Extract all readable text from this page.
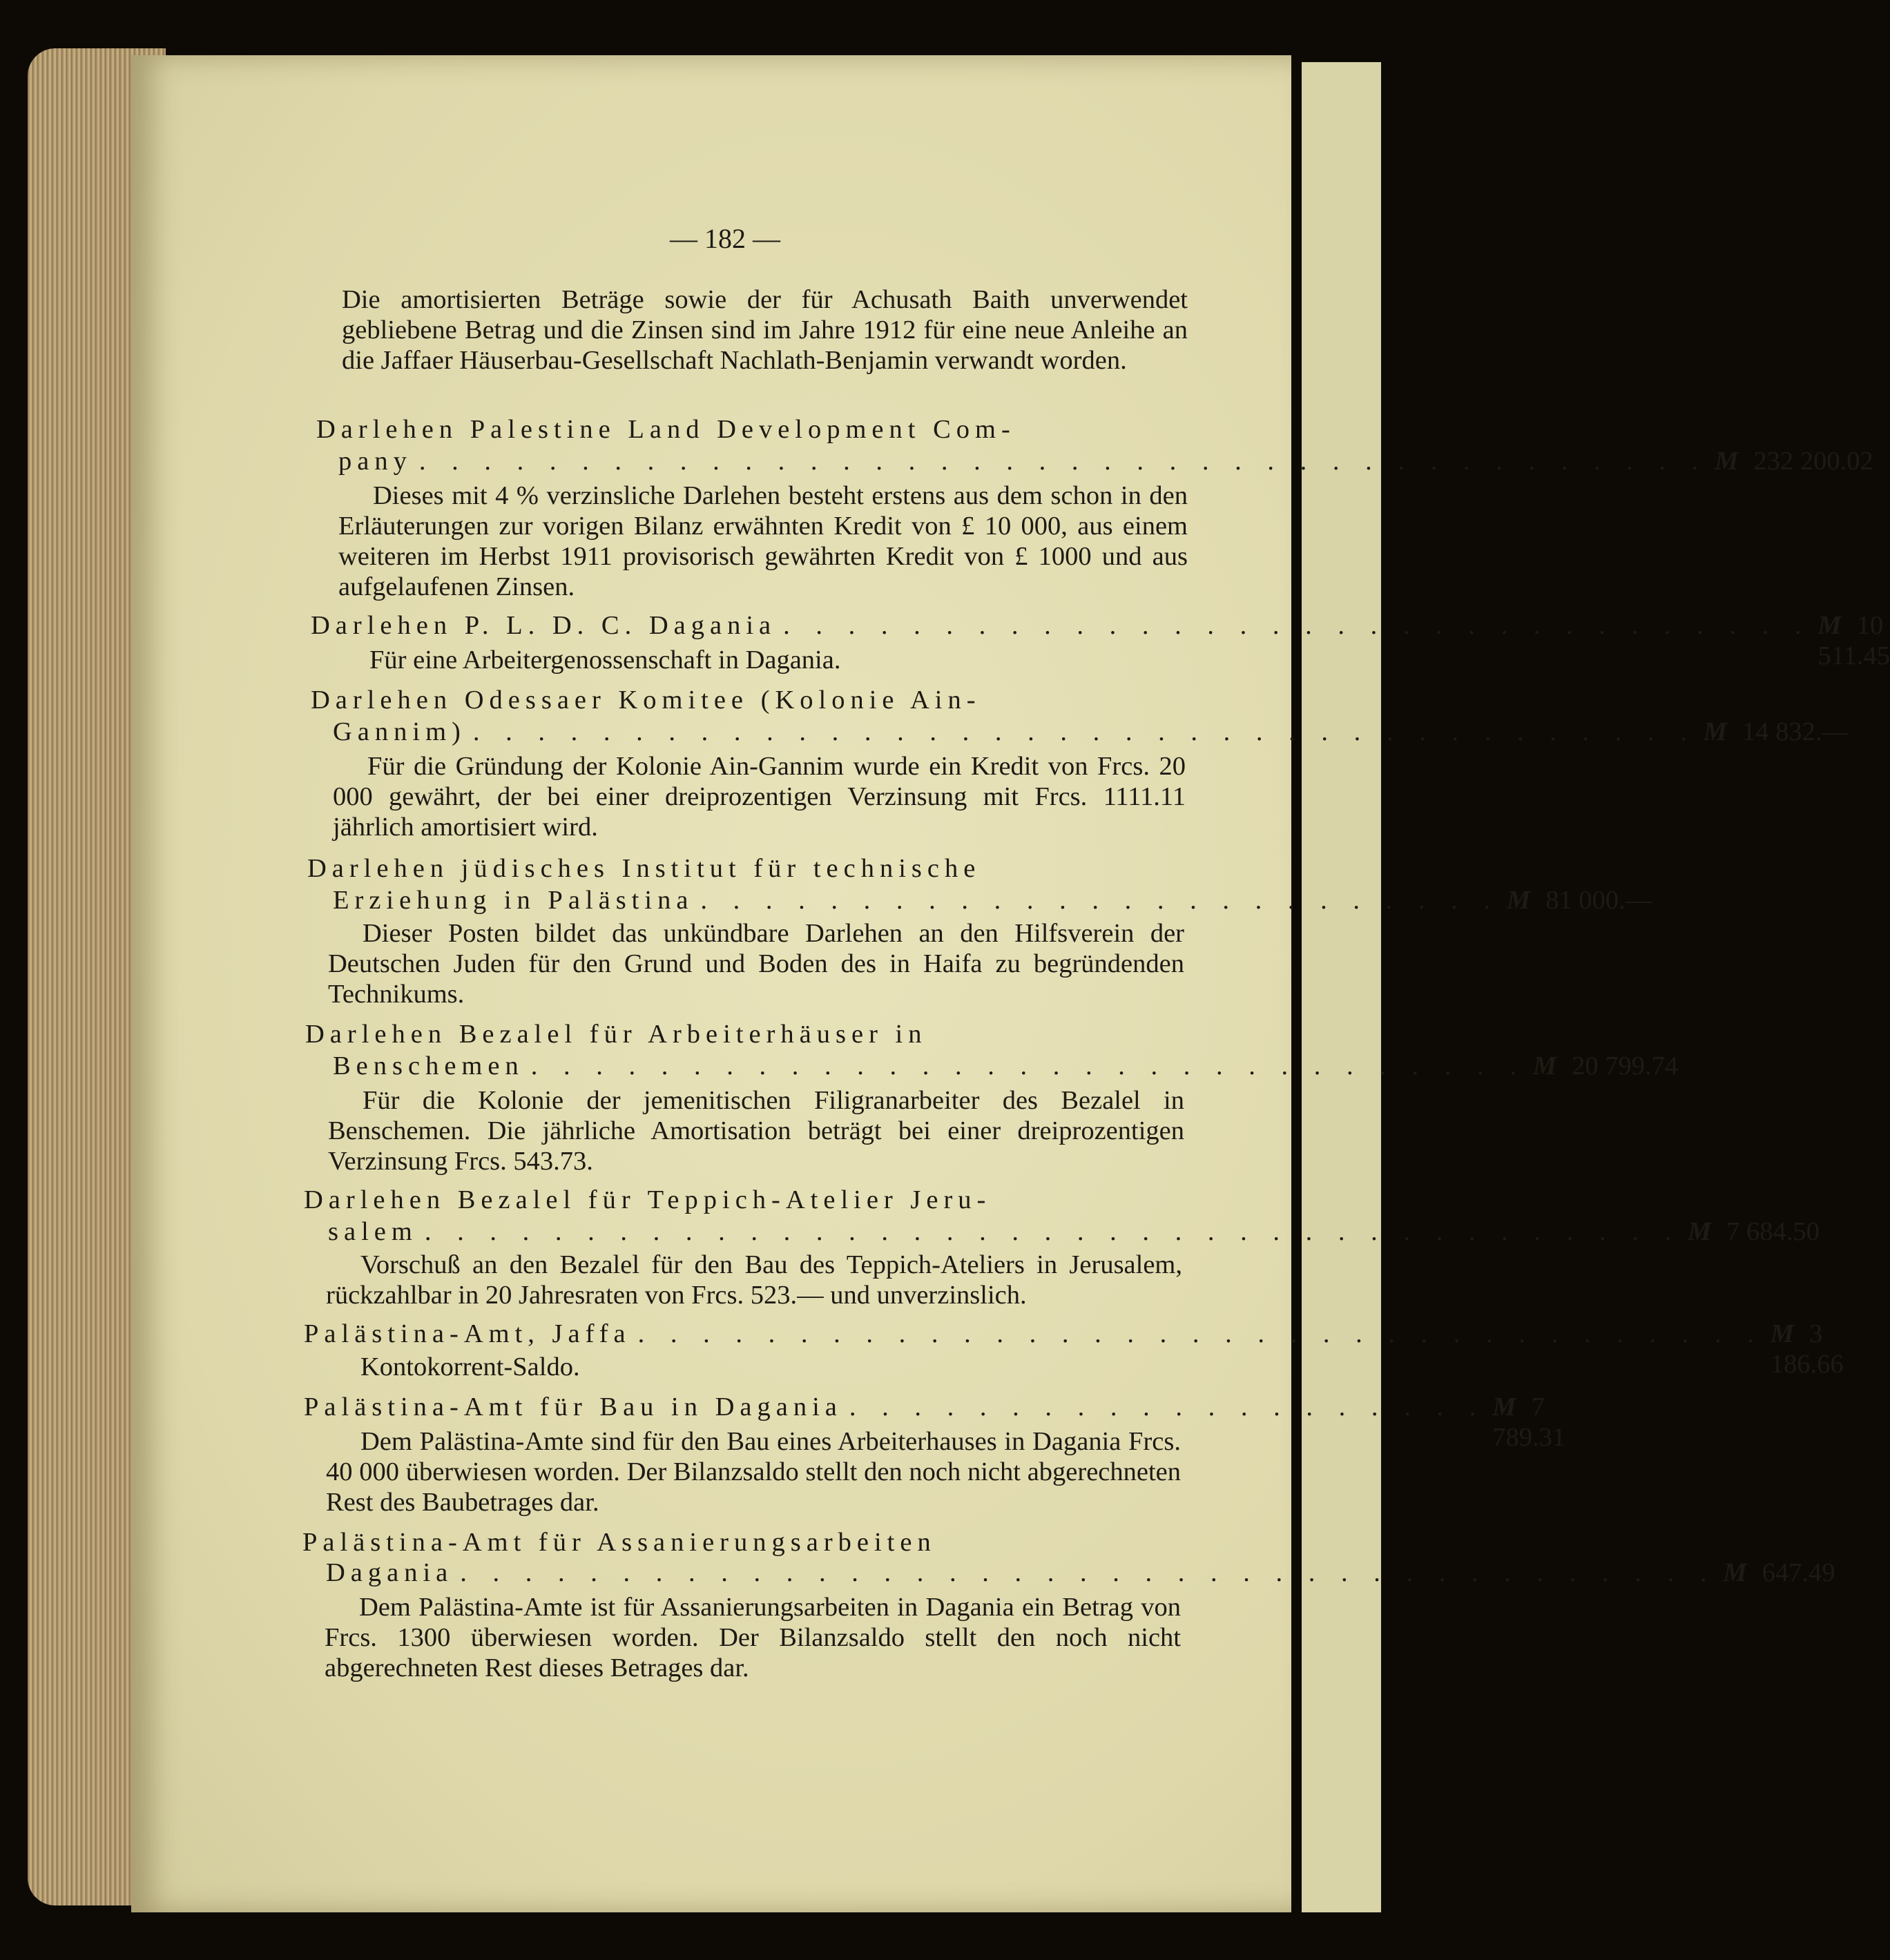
— 182 —
Die amortisierten Beträge sowie der für Achusath Baith unverwendet gebliebene Betrag und die Zinsen sind im Jahre 1912 für eine neue Anleihe an die Jaffaer Häuserbau-Gesellschaft Nachlath-Benjamin verwandt worden.
Darlehen Palestine Land Development Com-
pany . . . . . . . . . . . . . . . . . . . . . . . . . . . . . . . . . . . . . . . . M 232 200.02
Dieses mit 4 % verzinsliche Darlehen besteht erstens aus dem schon in den Erläuterungen zur vorigen Bilanz erwähnten Kredit von £ 10 000, aus einem weiteren im Herbst 1911 provisorisch gewährten Kredit von £ 1000 und aus aufgelaufenen Zinsen.
Darlehen P. L. D. C. Dagania . . . . . . . . . . . . . . . . . . . . . . . . . . . . . . . . M 10 511.45
Für eine Arbeitergenossenschaft in Dagania.
Darlehen Odessaer Komitee (Kolonie Ain-
Gannim) . . . . . . . . . . . . . . . . . . . . . . . . . . . . . . . . . . . . . . M 14 832.—
Für die Gründung der Kolonie Ain-Gannim wurde ein Kredit von Frcs. 20 000 gewährt, der bei einer dreiprozentigen Verzinsung mit Frcs. 1111.11 jährlich amortisiert wird.
Darlehen jüdisches Institut für technische
Erziehung in Palästina . . . . . . . . . . . . . . . . . . . . . . . . . M 81 000.—
Dieser Posten bildet das unkündbare Darlehen an den Hilfsverein der Deutschen Juden für den Grund und Boden des in Haifa zu begründenden Technikums.
Darlehen Bezalel für Arbeiterhäuser in
Benschemen . . . . . . . . . . . . . . . . . . . . . . . . . . . . . . . M 20 799.74
Für die Kolonie der jemenitischen Filigranarbeiter des Bezalel in Benschemen. Die jährliche Amortisation beträgt bei einer dreiprozentigen Verzinsung Frcs. 543.73.
Darlehen Bezalel für Teppich-Atelier Jeru-
salem . . . . . . . . . . . . . . . . . . . . . . . . . . . . . . . . . . . . . . . M 7 684.50
Vorschuß an den Bezalel für den Bau des Teppich-Ateliers in Jerusalem, rückzahlbar in 20 Jahresraten von Frcs. 523.— und unverzinslich.
Palästina-Amt, Jaffa . . . . . . . . . . . . . . . . . . . . . . . . . . . . . . . . . . . M 3 186.66
Kontokorrent-Saldo.
Palästina-Amt für Bau in Dagania . . . . . . . . . . . . . . . . . . . . M 7 789.31
Dem Palästina-Amte sind für den Bau eines Arbeiterhauses in Dagania Frcs. 40 000 überwiesen worden. Der Bilanzsaldo stellt den noch nicht abgerechneten Rest des Baubetrages dar.
Palästina-Amt für Assanierungsarbeiten
Dagania . . . . . . . . . . . . . . . . . . . . . . . . . . . . . . . . . . . . . . . M 647.49
Dem Palästina-Amte ist für Assanierungsarbeiten in Dagania ein Betrag von Frcs. 1300 überwiesen worden. Der Bilanzsaldo stellt den noch nicht abgerechneten Rest dieses Betrages dar.
